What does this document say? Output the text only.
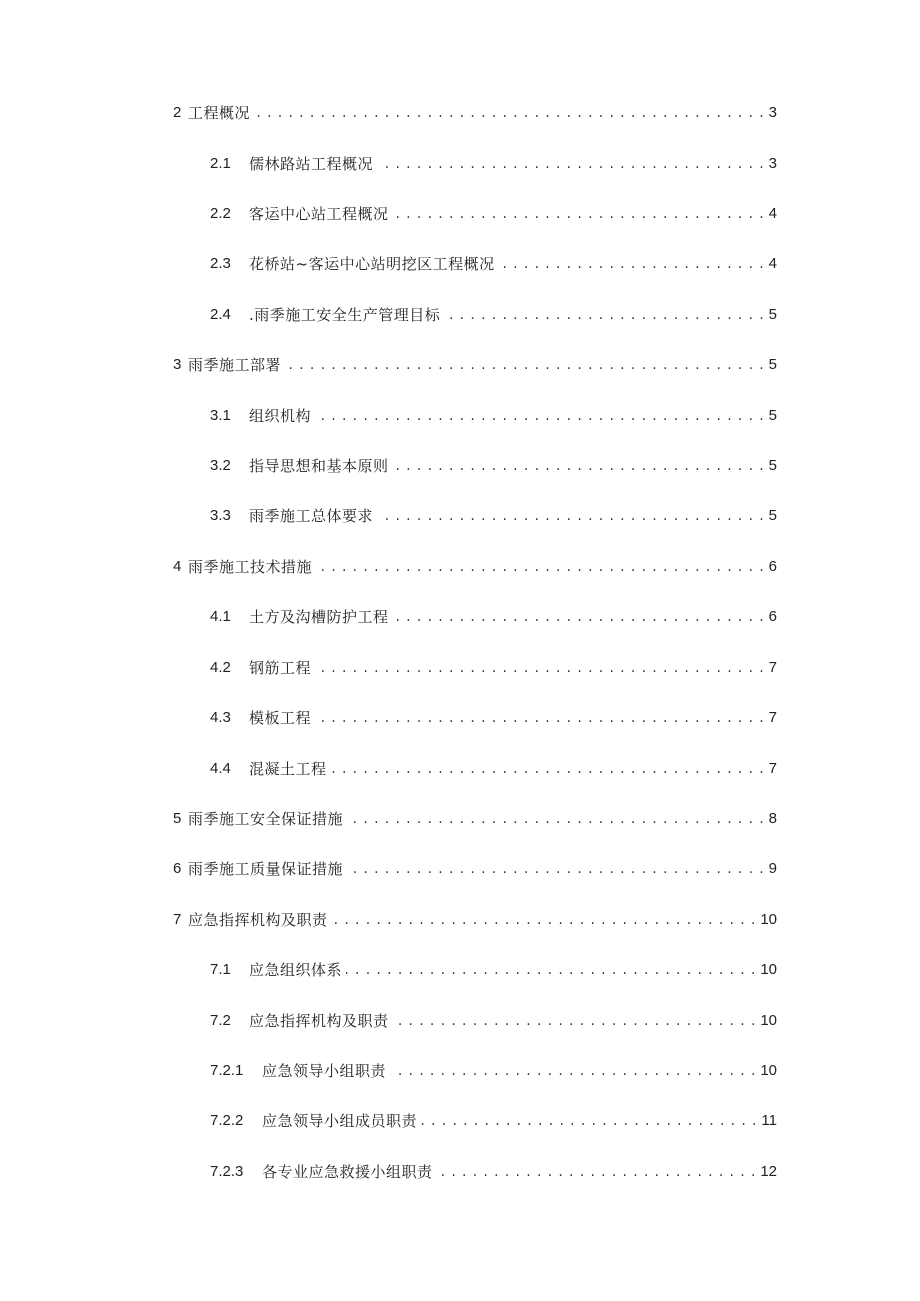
2 工程概况 . . .	3
2.1	儒林路站工程概况 . . .	3
2.2	客运中心站工程概况 . . .	4
2.3	花桥站~客运中心站明挖区工程概况 . . .	4
2.4	.雨季施工安全生产管理目标 . . .	5
3 雨季施工部署 . . .	5
3.1	组织机构 . . .	5
3.2	指导思想和基本原则 . . .	5
3.3	雨季施工总体要求 . . .	5
4 雨季施工技术措施 . . .	6
4.1	土方及沟槽防护工程 . . .	6
4.2	钢筋工程 . . .	7
4.3	模板工程 . . .	7
4.4	混凝土工程 . . .	7
5 雨季施工安全保证措施 . . .	8
6 雨季施工质量保证措施 . . .	9
7 应急指挥机构及职责 . . .	10
7.1	应急组织体系 . . .	10
7.2	应急指挥机构及职责 . . .	10
7.2.1	应急领导小组职责 . . .	10
7.2.2	应急领导小组成员职责 . . .	11
7.2.3	各专业应急救援小组职责 . . .	12
